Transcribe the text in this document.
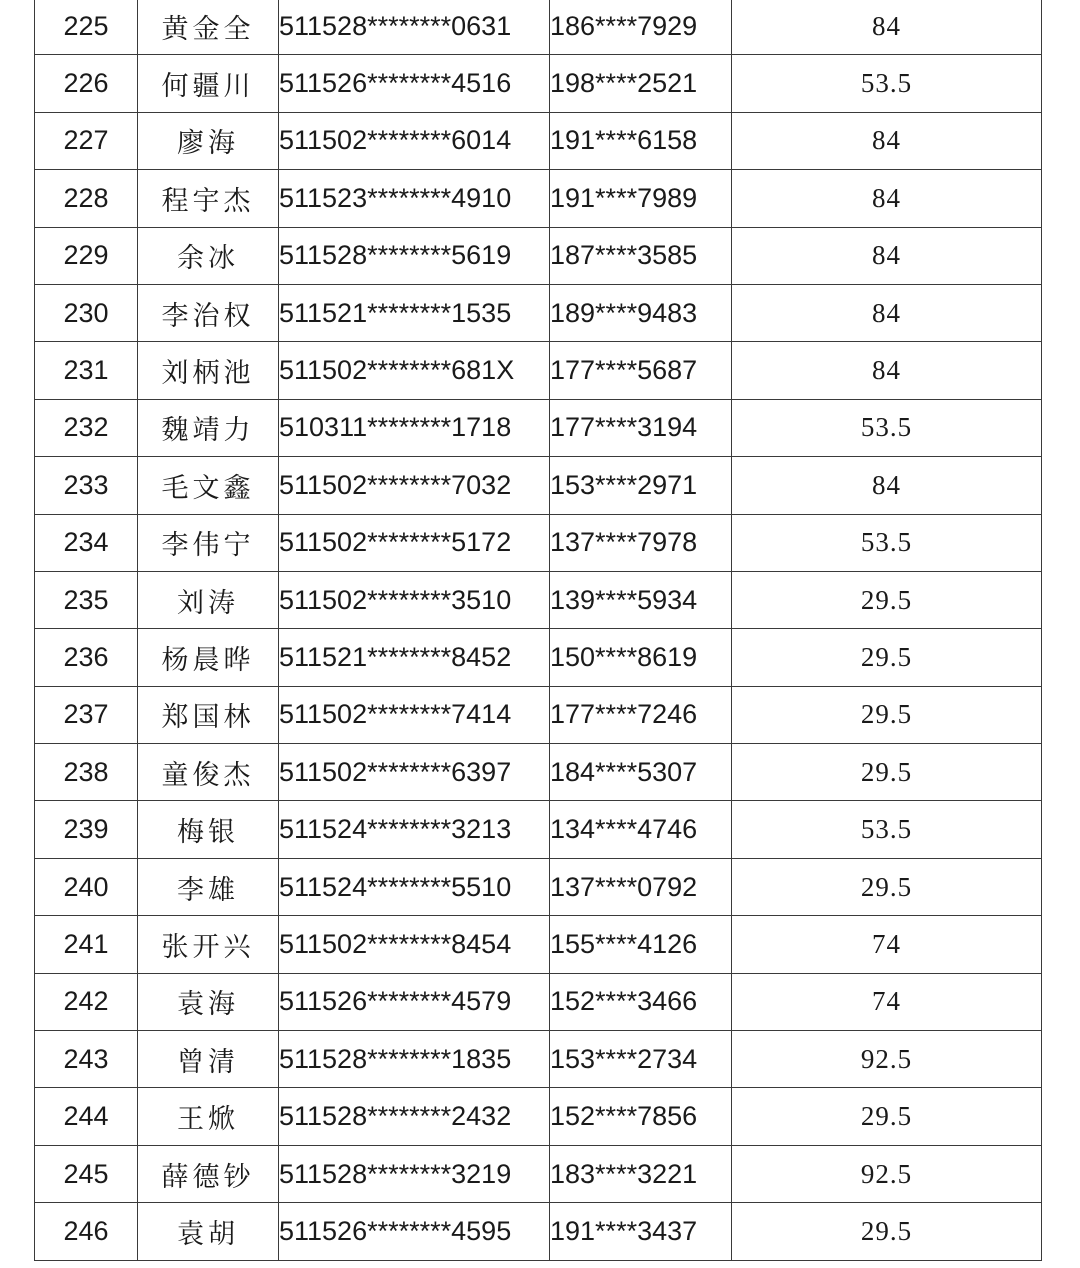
225	黄金全	511528********0631	186****7929	84
226	何疆川	511526********4516	198****2521	53.5
227	廖海	511502********6014	191****6158	84
228	程宇杰	511523********4910	191****7989	84
229	余冰	511528********5619	187****3585	84
230	李治权	511521********1535	189****9483	84
231	刘柄池	511502********681X	177****5687	84
232	魏靖力	510311********1718	177****3194	53.5
233	毛文鑫	511502********7032	153****2971	84
234	李伟宁	511502********5172	137****7978	53.5
235	刘涛	511502********3510	139****5934	29.5
236	杨晨晔	511521********8452	150****8619	29.5
237	郑国林	511502********7414	177****7246	29.5
238	童俊杰	511502********6397	184****5307	29.5
239	梅银	511524********3213	134****4746	53.5
240	李雄	511524********5510	137****0792	29.5
241	张开兴	511502********8454	155****4126	74
242	袁海	511526********4579	152****3466	74
243	曾清	511528********1835	153****2734	92.5
244	王焮	511528********2432	152****7856	29.5
245	薛德钞	511528********3219	183****3221	92.5
246	袁胡	511526********4595	191****3437	29.5
